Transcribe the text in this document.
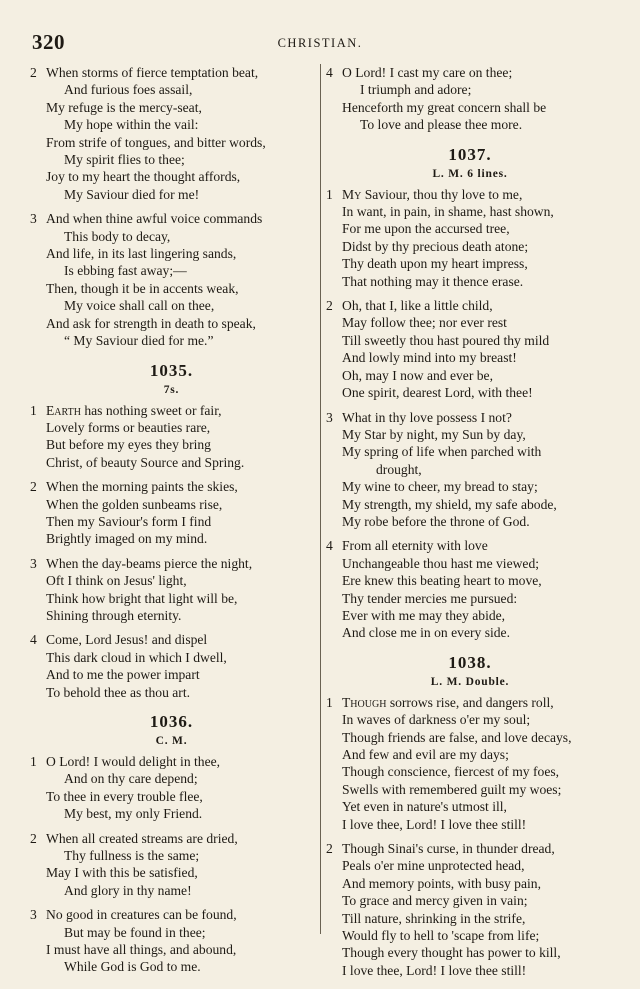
320	CHRISTIAN.
2 When storms of fierce temptation beat,
And furious foes assail,
My refuge is the mercy-seat,
My hope within the vail:
From strife of tongues, and bitter words,
My spirit flies to thee;
Joy to my heart the thought affords,
My Saviour died for me!
3 And when thine awful voice commands
This body to decay,
And life, in its last lingering sands,
Is ebbing fast away;—
Then, though it be in accents weak,
My voice shall call on thee,
And ask for strength in death to speak,
“ My Saviour died for me.”
1035.
7s.
1 Earth has nothing sweet or fair,
Lovely forms or beauties rare,
But before my eyes they bring
Christ, of beauty Source and Spring.
2 When the morning paints the skies,
When the golden sunbeams rise,
Then my Saviour's form I find
Brightly imaged on my mind.
3 When the day-beams pierce the night,
Oft I think on Jesus' light,
Think how bright that light will be,
Shining through eternity.
4 Come, Lord Jesus! and dispel
This dark cloud in which I dwell,
And to me the power impart
To behold thee as thou art.
1036.
C. M.
1 O Lord! I would delight in thee,
And on thy care depend;
To thee in every trouble flee,
My best, my only Friend.
2 When all created streams are dried,
Thy fullness is the same;
May I with this be satisfied,
And glory in thy name!
3 No good in creatures can be found,
But may be found in thee;
I must have all things, and abound,
While God is God to me.
4 O Lord! I cast my care on thee;
I triumph and adore;
Henceforth my great concern shall be
To love and please thee more.
1037.
L. M. 6 lines.
1 My Saviour, thou thy love to me,
In want, in pain, in shame, hast shown,
For me upon the accursed tree,
Didst by thy precious death atone;
Thy death upon my heart impress,
That nothing may it thence erase.
2 Oh, that I, like a little child,
May follow thee; nor ever rest
Till sweetly thou hast poured thy mild
And lowly mind into my breast!
Oh, may I now and ever be,
One spirit, dearest Lord, with thee!
3 What in thy love possess I not?
My Star by night, my Sun by day,
My spring of life when parched with
drought,
My wine to cheer, my bread to stay;
My strength, my shield, my safe abode,
My robe before the throne of God.
4 From all eternity with love
Unchangeable thou hast me viewed;
Ere knew this beating heart to move,
Thy tender mercies me pursued:
Ever with me may they abide,
And close me in on every side.
1038.
L. M. Double.
1 Though sorrows rise, and dangers roll,
In waves of darkness o'er my soul;
Though friends are false, and love decays,
And few and evil are my days;
Though conscience, fiercest of my foes,
Swells with remembered guilt my woes;
Yet even in nature's utmost ill,
I love thee, Lord! I love thee still!
2 Though Sinai's curse, in thunder dread,
Peals o'er mine unprotected head,
And memory points, with busy pain,
To grace and mercy given in vain;
Till nature, shrinking in the strife,
Would fly to hell to 'scape from life;
Though every thought has power to kill,
I love thee, Lord! I love thee still!
